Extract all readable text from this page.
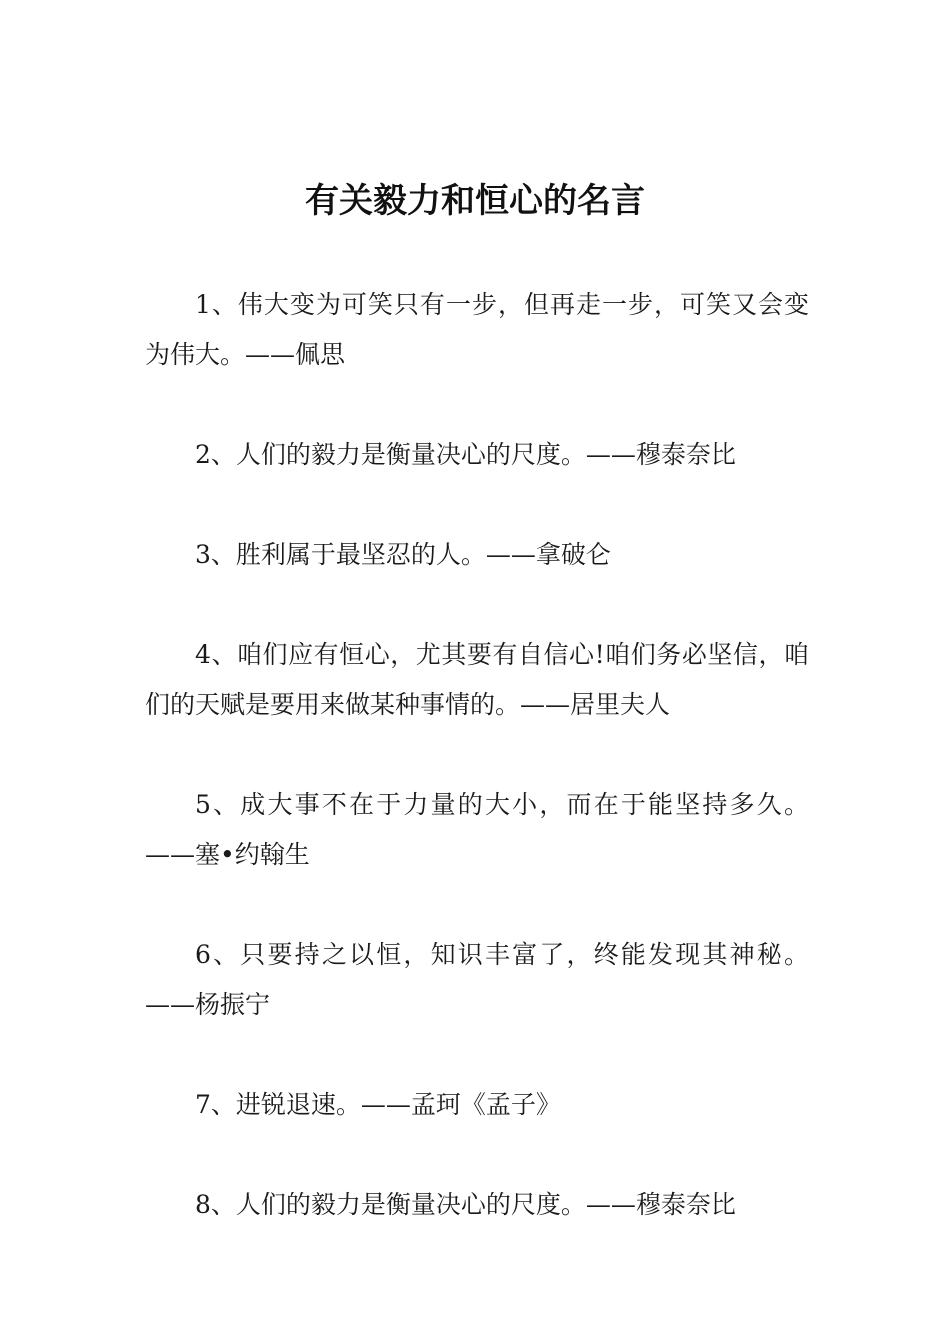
有关毅力和恒心的名言

1、伟大变为可笑只有一步，但再走一步，可笑又会变为伟大。——佩思

2、人们的毅力是衡量决心的尺度。——穆泰奈比

3、胜利属于最坚忍的人。——拿破仑

4、咱们应有恒心，尤其要有自信心!咱们务必坚信，咱们的天赋是要用来做某种事情的。——居里夫人

5、成大事不在于力量的大小，而在于能坚持多久。——塞•约翰生

6、只要持之以恒，知识丰富了，终能发现其神秘。——杨振宁

7、进锐退速。——孟珂《孟子》

8、人们的毅力是衡量决心的尺度。——穆泰奈比
